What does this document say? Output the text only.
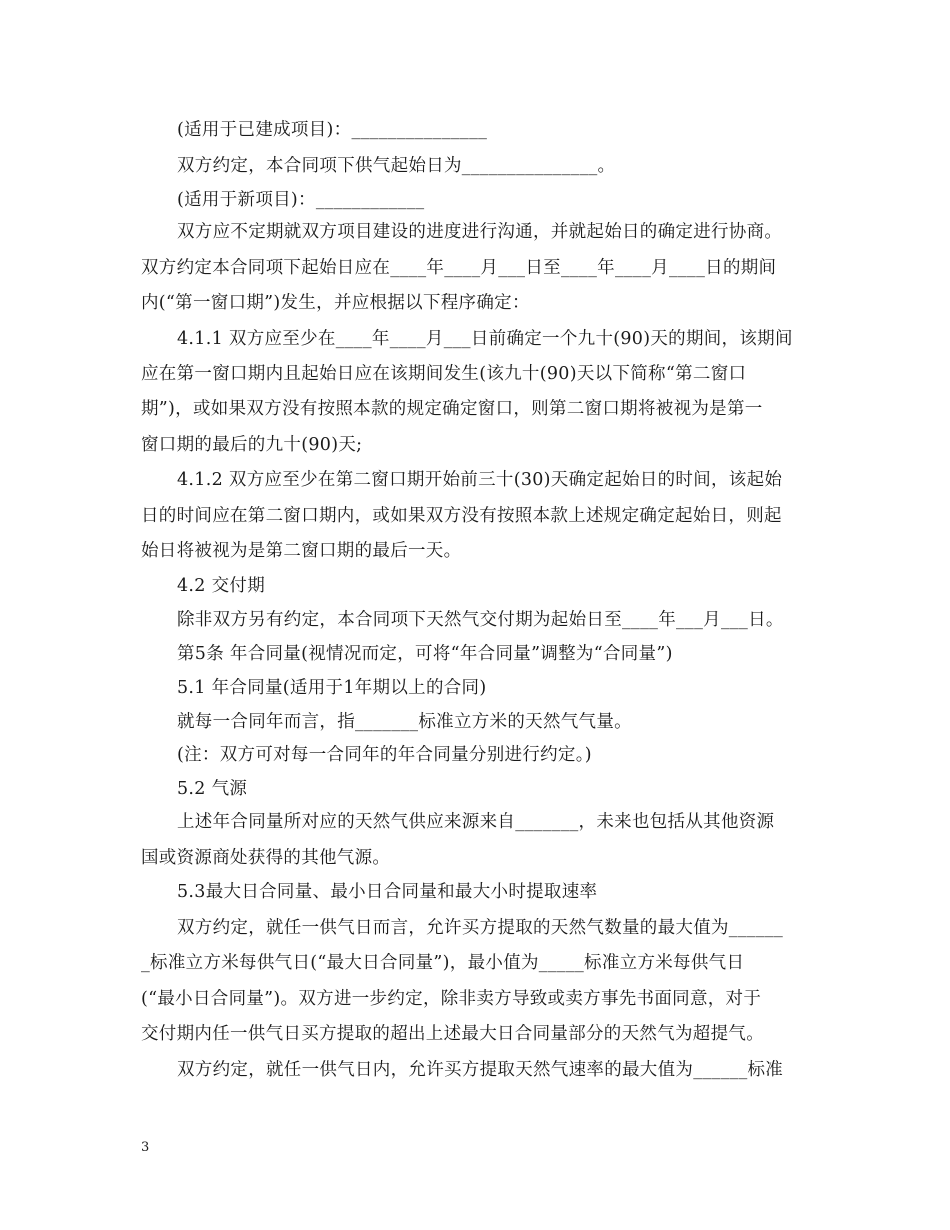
(适用于已建成项目)：_______________
双方约定，本合同项下供气起始日为_______________。
(适用于新项目)：____________
双方应不定期就双方项目建设的进度进行沟通，并就起始日的确定进行协商。
双方约定本合同项下起始日应在____年____月___日至____年____月____日的期间
内(“第一窗口期”)发生，并应根据以下程序确定：
4.1.1 双方应至少在____年____月___日前确定一个九十(90)天的期间，该期间
应在第一窗口期内且起始日应在该期间发生(该九十(90)天以下简称“第二窗口
期”)，或如果双方没有按照本款的规定确定窗口，则第二窗口期将被视为是第一
窗口期的最后的九十(90)天;
4.1.2 双方应至少在第二窗口期开始前三十(30)天确定起始日的时间，该起始
日的时间应在第二窗口期内，或如果双方没有按照本款上述规定确定起始日，则起
始日将被视为是第二窗口期的最后一天。
4.2 交付期
除非双方另有约定，本合同项下天然气交付期为起始日至____年___月___日。
第5条 年合同量(视情况而定，可将“年合同量”调整为“合同量”)
5.1 年合同量(适用于1年期以上的合同)
就每一合同年而言，指_______标准立方米的天然气气量。
(注：双方可对每一合同年的年合同量分别进行约定。)
5.2 气源
上述年合同量所对应的天然气供应来源来自_______，未来也包括从其他资源
国或资源商处获得的其他气源。
5.3最大日合同量、最小日合同量和最大小时提取速率
双方约定，就任一供气日而言，允许买方提取的天然气数量的最大值为______
_标准立方米每供气日(“最大日合同量”)，最小值为_____标准立方米每供气日
(“最小日合同量”)。双方进一步约定，除非卖方导致或卖方事先书面同意，对于
交付期内任一供气日买方提取的超出上述最大日合同量部分的天然气为超提气。
双方约定，就任一供气日内，允许买方提取天然气速率的最大值为______标准
3
